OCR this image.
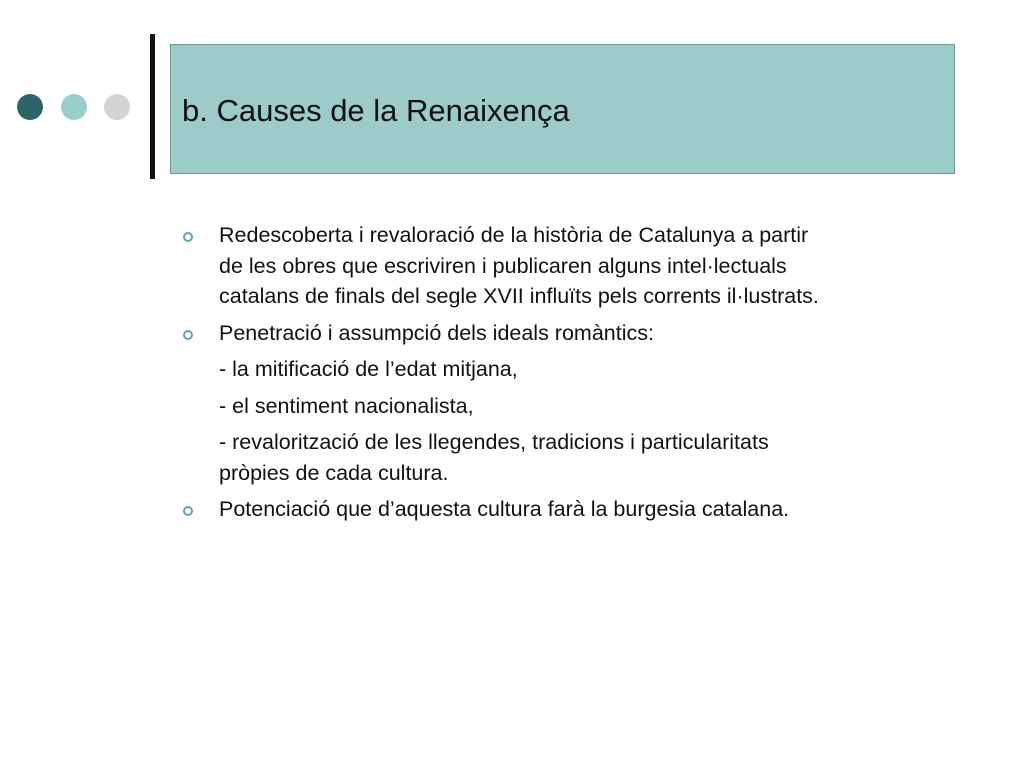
b. Causes de la Renaixença
Redescoberta i revaloració de la història de Catalunya a partir
de les obres que escriviren i publicaren alguns intel·lectuals
catalans de finals del segle XVII influïts pels corrents il·lustrats.
Penetració i assumpció dels ideals romàntics:
- la mitificació de l’edat mitjana,
- el sentiment nacionalista,
- revalorització de les llegendes, tradicions i particularitats
pròpies de cada cultura.
Potenciació que d’aquesta cultura farà la burgesia catalana.
